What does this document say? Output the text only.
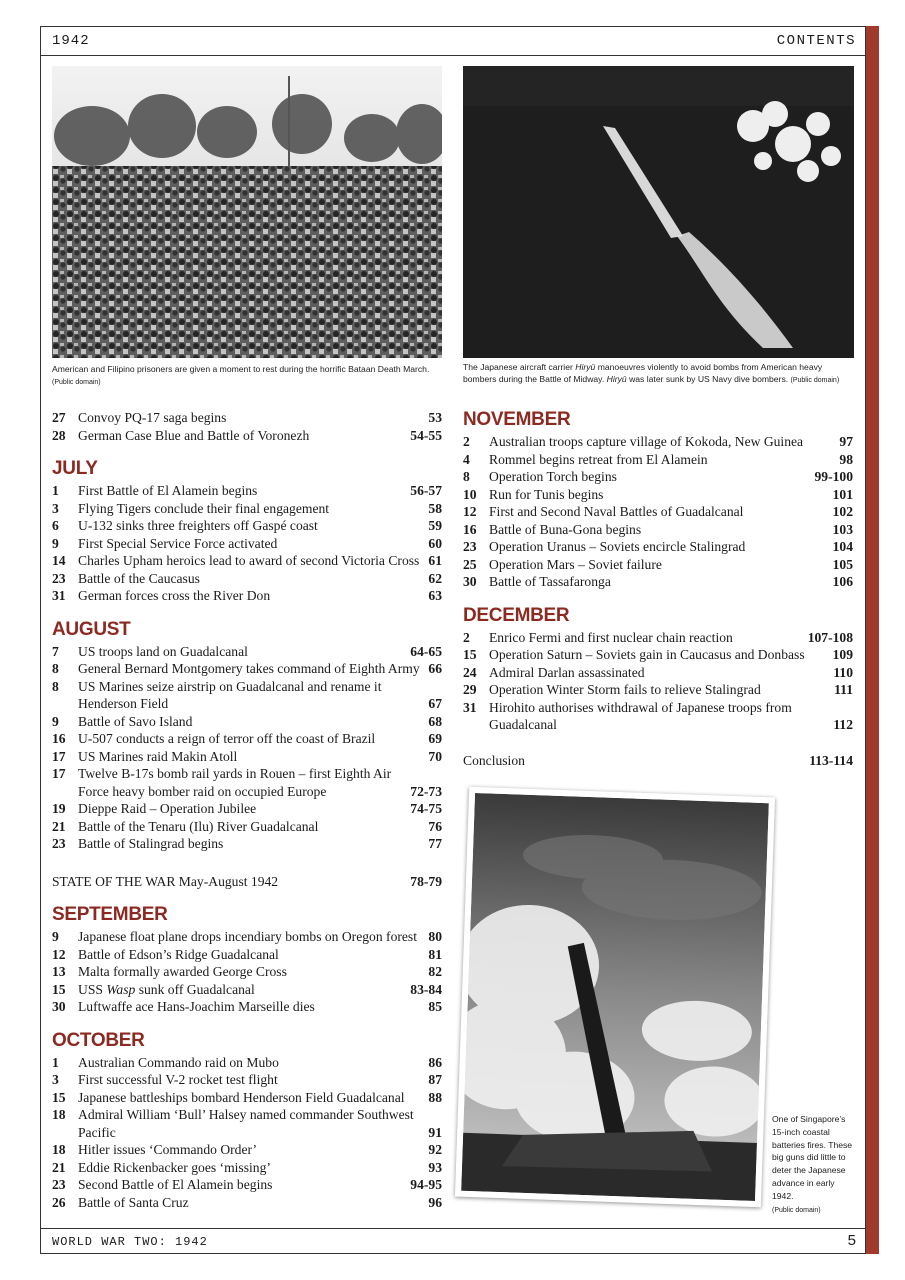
1942	CONTENTS
American and Filipino prisoners are given a moment to rest during the horrific Bataan Death March.
(Public domain)
The Japanese aircraft carrier Hiryū manoeuvres violently to avoid bombs from American heavy bombers during the Battle of Midway. Hiryū was later sunk by US Navy dive bombers. (Public domain)
27 Convoy PQ-17 saga begins	53
28 German Case Blue and Battle of Voronezh	54-55
JULY
1	First Battle of El Alamein begins	56-57
3	Flying Tigers conclude their final engagement	58
6	U-132 sinks three freighters off Gaspé coast	59
9	First Special Service Force activated	60
14 Charles Upham heroics lead to award of second Victoria Cross 61
23 Battle of the Caucasus	62
31 German forces cross the River Don	63
AUGUST
7	US troops land on Guadalcanal	64-65
8	General Bernard Montgomery takes command of Eighth Army 66
8	US Marines seize airstrip on Guadalcanal and rename it Henderson Field	67
9	Battle of Savo Island	68
16 U-507 conducts a reign of terror off the coast of Brazil	69
17 US Marines raid Makin Atoll	70
17 Twelve B-17s bomb rail yards in Rouen – first Eighth Air Force heavy bomber raid on occupied Europe	72-73
19 Dieppe Raid – Operation Jubilee	74-75
21 Battle of the Tenaru (Ilu) River Guadalcanal	76
23 Battle of Stalingrad begins	77
STATE OF THE WAR May-August 1942	78-79
SEPTEMBER
9	Japanese float plane drops incendiary bombs on Oregon forest 80
12 Battle of Edson’s Ridge Guadalcanal	81
13 Malta formally awarded George Cross	82
15 USS Wasp sunk off Guadalcanal	83-84
30 Luftwaffe ace Hans-Joachim Marseille dies	85
OCTOBER
1	Australian Commando raid on Mubo	86
3	First successful V-2 rocket test flight	87
15 Japanese battleships bombard Henderson Field Guadalcanal	88
18 Admiral William ‘Bull’ Halsey named commander Southwest Pacific	91
18 Hitler issues ‘Commando Order’	92
21 Eddie Rickenbacker goes ‘missing’	93
23 Second Battle of El Alamein begins	94-95
26 Battle of Santa Cruz	96
NOVEMBER
2	Australian troops capture village of Kokoda, New Guinea	97
4	Rommel begins retreat from El Alamein	98
8	Operation Torch begins	99-100
10 Run for Tunis begins	101
12 First and Second Naval Battles of Guadalcanal	102
16 Battle of Buna-Gona begins	103
23 Operation Uranus – Soviets encircle Stalingrad	104
25 Operation Mars – Soviet failure	105
30 Battle of Tassafaronga	106
DECEMBER
2	Enrico Fermi and first nuclear chain reaction	107-108
15 Operation Saturn – Soviets gain in Caucasus and Donbass	109
24 Admiral Darlan assassinated	110
29 Operation Winter Storm fails to relieve Stalingrad	111
31 Hirohito authorises withdrawal of Japanese troops from Guadalcanal	112
Conclusion	113-114
One of Singapore’s 15-inch coastal batteries fires. These big guns did little to deter the Japanese advance in early 1942.
(Public domain)
WORLD WAR TWO: 1942	5
